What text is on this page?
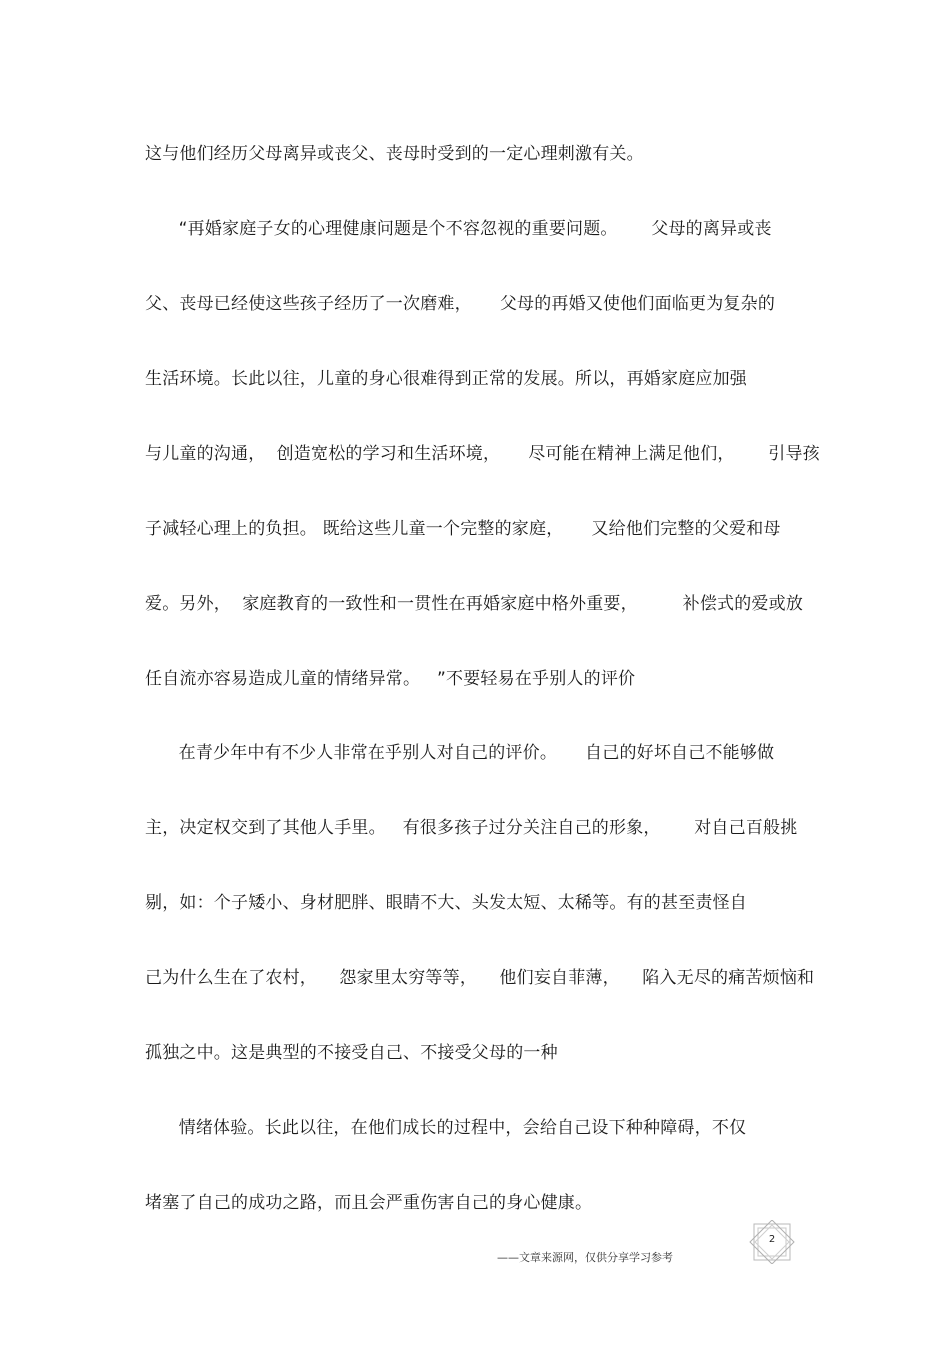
这与他们经历父母离异或丧父、丧母时受到的一定心理刺激有关。
“再婚家庭子女的心理健康问题是个不容忽视的重要问题。      父母的离异或丧
父、丧母已经使这些孩子经历了一次磨难，     父母的再婚又使他们面临更为复杂的
生活环境。长此以往，儿童的身心很难得到正常的发展。所以，再婚家庭应加强
与儿童的沟通，  创造宽松的学习和生活环境，     尽可能在精神上满足他们，      引导孩
子减轻心理上的负担。 既给这些儿童一个完整的家庭，     又给他们完整的父爱和母
爱。另外，  家庭教育的一致性和一贯性在再婚家庭中格外重要，        补偿式的爱或放
任自流亦容易造成儿童的情绪异常。   ”不要轻易在乎别人的评价
在青少年中有不少人非常在乎别人对自己的评价。     自己的好坏自己不能够做
主，决定权交到了其他人手里。   有很多孩子过分关注自己的形象，      对自己百般挑
剔，如：个子矮小、身材肥胖、眼睛不大、头发太短、太稀等。有的甚至责怪自
己为什么生在了农村，    怨家里太穷等等，    他们妄自菲薄，    陷入无尽的痛苦烦恼和
孤独之中。这是典型的不接受自己、不接受父母的一种
情绪体验。长此以往，在他们成长的过程中，会给自己设下种种障碍，不仅
堵塞了自己的成功之路，而且会严重伤害自己的身心健康。
2
——文章来源网，仅供分享学习参考
